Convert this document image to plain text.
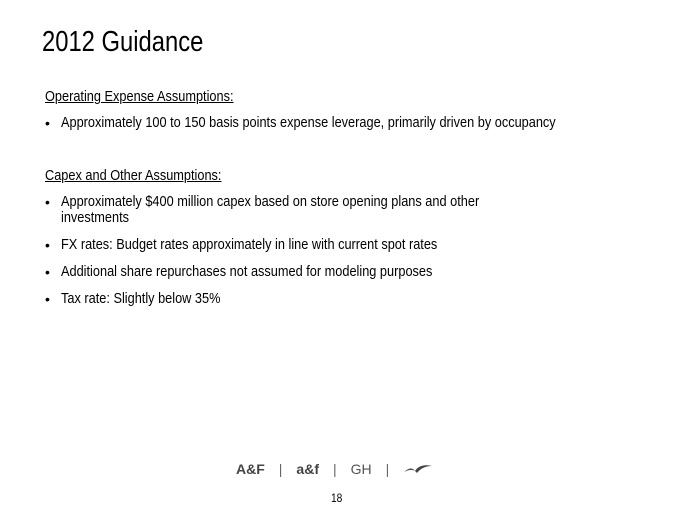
2012 Guidance
Operating Expense Assumptions:
• Approximately 100 to 150 basis points expense leverage, primarily driven by occupancy
Capex and Other Assumptions:
• Approximately $400 million capex based on store opening plans and other
investments
• FX rates: Budget rates approximately in line with current spot rates
• Additional share repurchases not assumed for modeling purposes
• Tax rate: Slightly below 35%
A&F | a&f | GH |
18
